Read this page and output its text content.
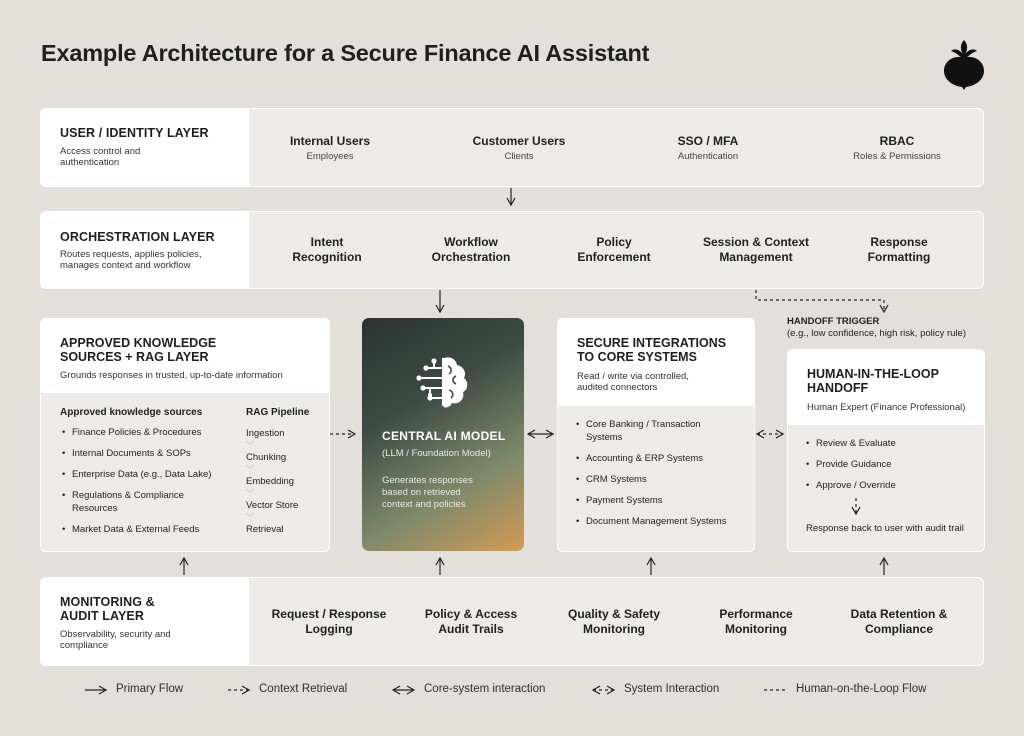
Example Architecture for a Secure Finance AI Assistant
USER / IDENTITY LAYER
Access control and authentication
Internal Users
Employees
Customer Users
Clients
SSO / MFA
Authentication
RBAC
Roles & Permissions
ORCHESTRATION LAYER
Routes requests, applies policies, manages context and workflow
Intent Recognition
Workflow Orchestration
Policy Enforcement
Session & Context Management
Response Formatting
APPROVED KNOWLEDGE SOURCES + RAG LAYER
Grounds responses in trusted, up-to-date information
Approved knowledge sources
• Finance Policies & Procedures
• Internal Documents & SOPs
• Enterprise Data (e.g., Data Lake)
• Regulations & Compliance Resources
• Market Data & External Feeds
RAG Pipeline
Ingestion
﹀
Chunking
﹀
Embedding
﹀
Vector Store
﹀
Retrieval
CENTRAL AI MODEL
(LLM / Foundation Model)
Generates responses based on retrieved context and policies
SECURE INTEGRATIONS TO CORE SYSTEMS
Read / write via controlled, audited connectors
• Core Banking / Transaction Systems
• Accounting & ERP Systems
• CRM Systems
• Payment Systems
• Document Management Systems
HANDOFF TRIGGER
(e.g., low confidence, high risk, policy rule)
HUMAN-IN-THE-LOOP HANDOFF
Human Expert (Finance Professional)
• Review & Evaluate
• Provide Guidance
• Approve / Override
Response back to user with audit trail
MONITORING & AUDIT LAYER
Observability, security and compliance
Request / Response Logging
Policy & Access Audit Trails
Quality & Safety Monitoring
Performance Monitoring
Data Retention & Compliance
Primary Flow	Context Retrieval	Core-system interaction	System Interaction	Human-on-the-Loop Flow
